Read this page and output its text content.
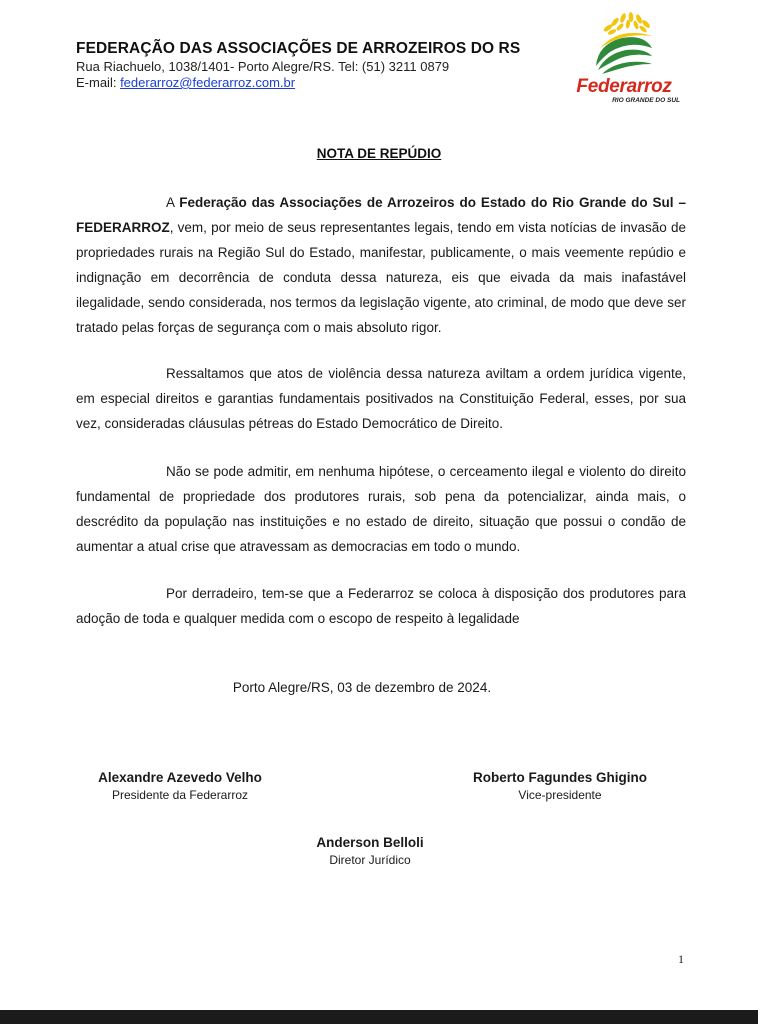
FEDERAÇÃO DAS ASSOCIAÇÕES DE ARROZEIROS DO RS
Rua Riachuelo, 1038/1401- Porto Alegre/RS. Tel: (51) 3211 0879
E-mail: federarroz@federarroz.com.br	Federarroz
RIO GRANDE DO SUL
NOTA DE REPÚDIO

A Federação das Associações de Arrozeiros do Estado do Rio Grande do Sul – FEDERARROZ, vem, por meio de seus representantes legais, tendo em vista notícias de invasão de propriedades rurais na Região Sul do Estado, manifestar, publicamente, o mais veemente repúdio e indignação em decorrência de conduta dessa natureza, eis que eivada da mais inafastável ilegalidade, sendo considerada, nos termos da legislação vigente, ato criminal, de modo que deve ser tratado pelas forças de segurança com o mais absoluto rigor.

Ressaltamos que atos de violência dessa natureza aviltam a ordem jurídica vigente, em especial direitos e garantias fundamentais positivados na Constituição Federal, esses, por sua vez, consideradas cláusulas pétreas do Estado Democrático de Direito.

Não se pode admitir, em nenhuma hipótese, o cerceamento ilegal e violento do direito fundamental de propriedade dos produtores rurais, sob pena da potencializar, ainda mais, o descrédito da população nas instituições e no estado de direito, situação que possui o condão de aumentar a atual crise que atravessam as democracias em todo o mundo.

Por derradeiro, tem-se que a Federarroz se coloca à disposição dos produtores para adoção de toda e qualquer medida com o escopo de respeito à legalidade

Porto Alegre/RS, 03 de dezembro de 2024.
Alexandre Azevedo Velho
Presidente da Federarroz
Roberto Fagundes Ghigino
Vice-presidente
Anderson Belloli
Diretor Jurídico
1
